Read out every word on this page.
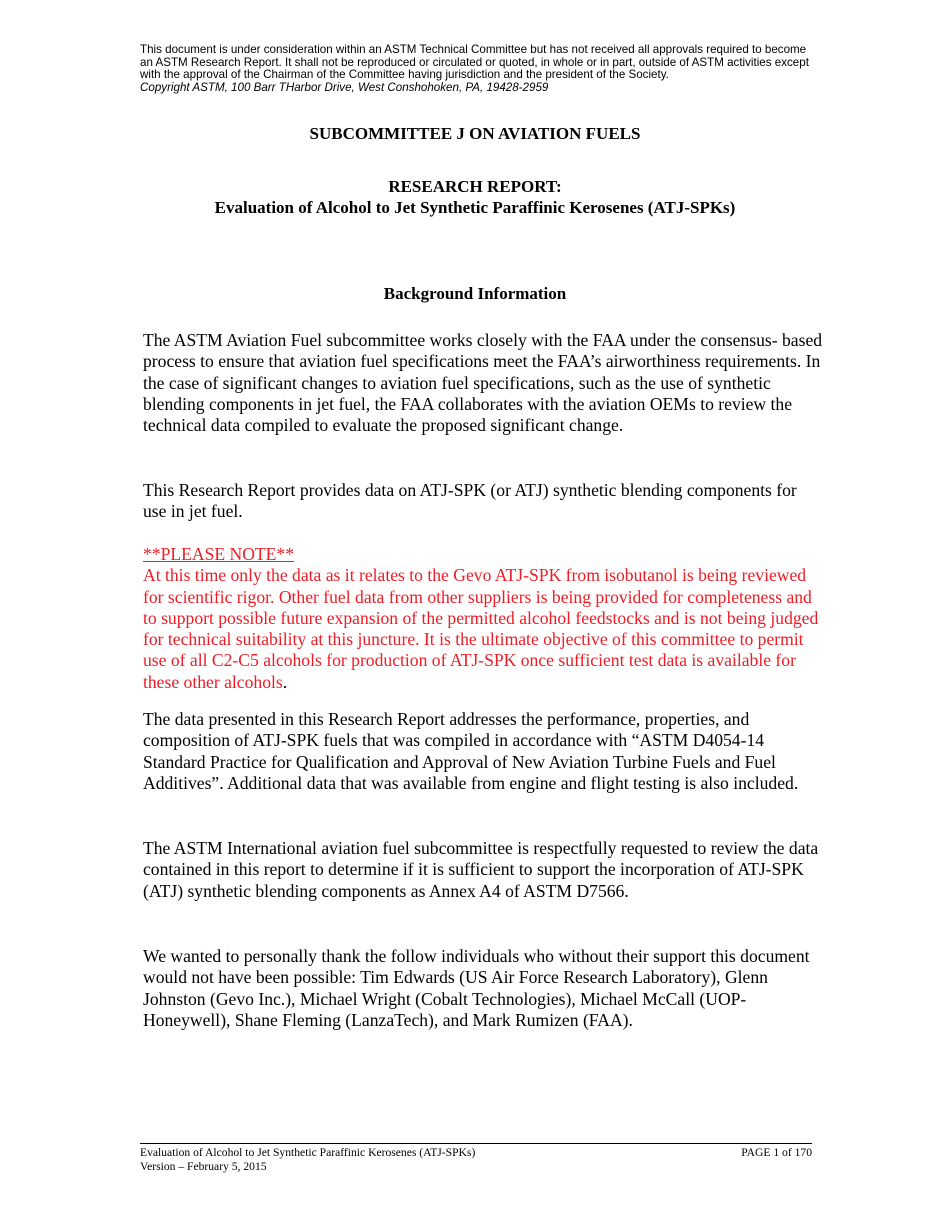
This document is under consideration within an ASTM Technical Committee but has not received all approvals required to become an ASTM Research Report. It shall not be reproduced or circulated or quoted, in whole or in part, outside of ASTM activities except with the approval of the Chairman of the Committee having jurisdiction and the president of the Society.
Copyright ASTM, 100 Barr THarbor Drive, West Conshohoken, PA, 19428-2959

SUBCOMMITTEE J ON AVIATION FUELS

RESEARCH REPORT:
Evaluation of Alcohol to Jet Synthetic Paraffinic Kerosenes (ATJ-SPKs)

Background Information

The ASTM Aviation Fuel subcommittee works closely with the FAA under the consensus- based process to ensure that aviation fuel specifications meet the FAA’s airworthiness requirements. In the case of significant changes to aviation fuel specifications, such as the use of synthetic blending components in jet fuel, the FAA collaborates with the aviation OEMs to review the technical data compiled to evaluate the proposed significant change.

This Research Report provides data on ATJ-SPK (or ATJ) synthetic blending components for use in jet fuel.

**PLEASE NOTE**
At this time only the data as it relates to the Gevo ATJ-SPK from isobutanol is being reviewed for scientific rigor. Other fuel data from other suppliers is being provided for completeness and to support possible future expansion of the permitted alcohol feedstocks and is not being judged for technical suitability at this juncture. It is the ultimate objective of this committee to permit use of all C2-C5 alcohols for production of ATJ-SPK once sufficient test data is available for these other alcohols.

The data presented in this Research Report addresses the performance, properties, and composition of ATJ-SPK fuels that was compiled in accordance with “ASTM D4054-14 Standard Practice for Qualification and Approval of New Aviation Turbine Fuels and Fuel Additives”. Additional data that was available from engine and flight testing is also included.

The ASTM International aviation fuel subcommittee is respectfully requested to review the data contained in this report to determine if it is sufficient to support the incorporation of ATJ-SPK (ATJ) synthetic blending components as Annex A4 of ASTM D7566.

We wanted to personally thank the follow individuals who without their support this document would not have been possible: Tim Edwards (US Air Force Research Laboratory), Glenn Johnston (Gevo Inc.), Michael Wright (Cobalt Technologies), Michael McCall (UOP-Honeywell), Shane Fleming (LanzaTech), and Mark Rumizen (FAA).

Evaluation of Alcohol to Jet Synthetic Paraffinic Kerosenes (ATJ-SPKs)	PAGE 1 of 170
Version – February 5, 2015
